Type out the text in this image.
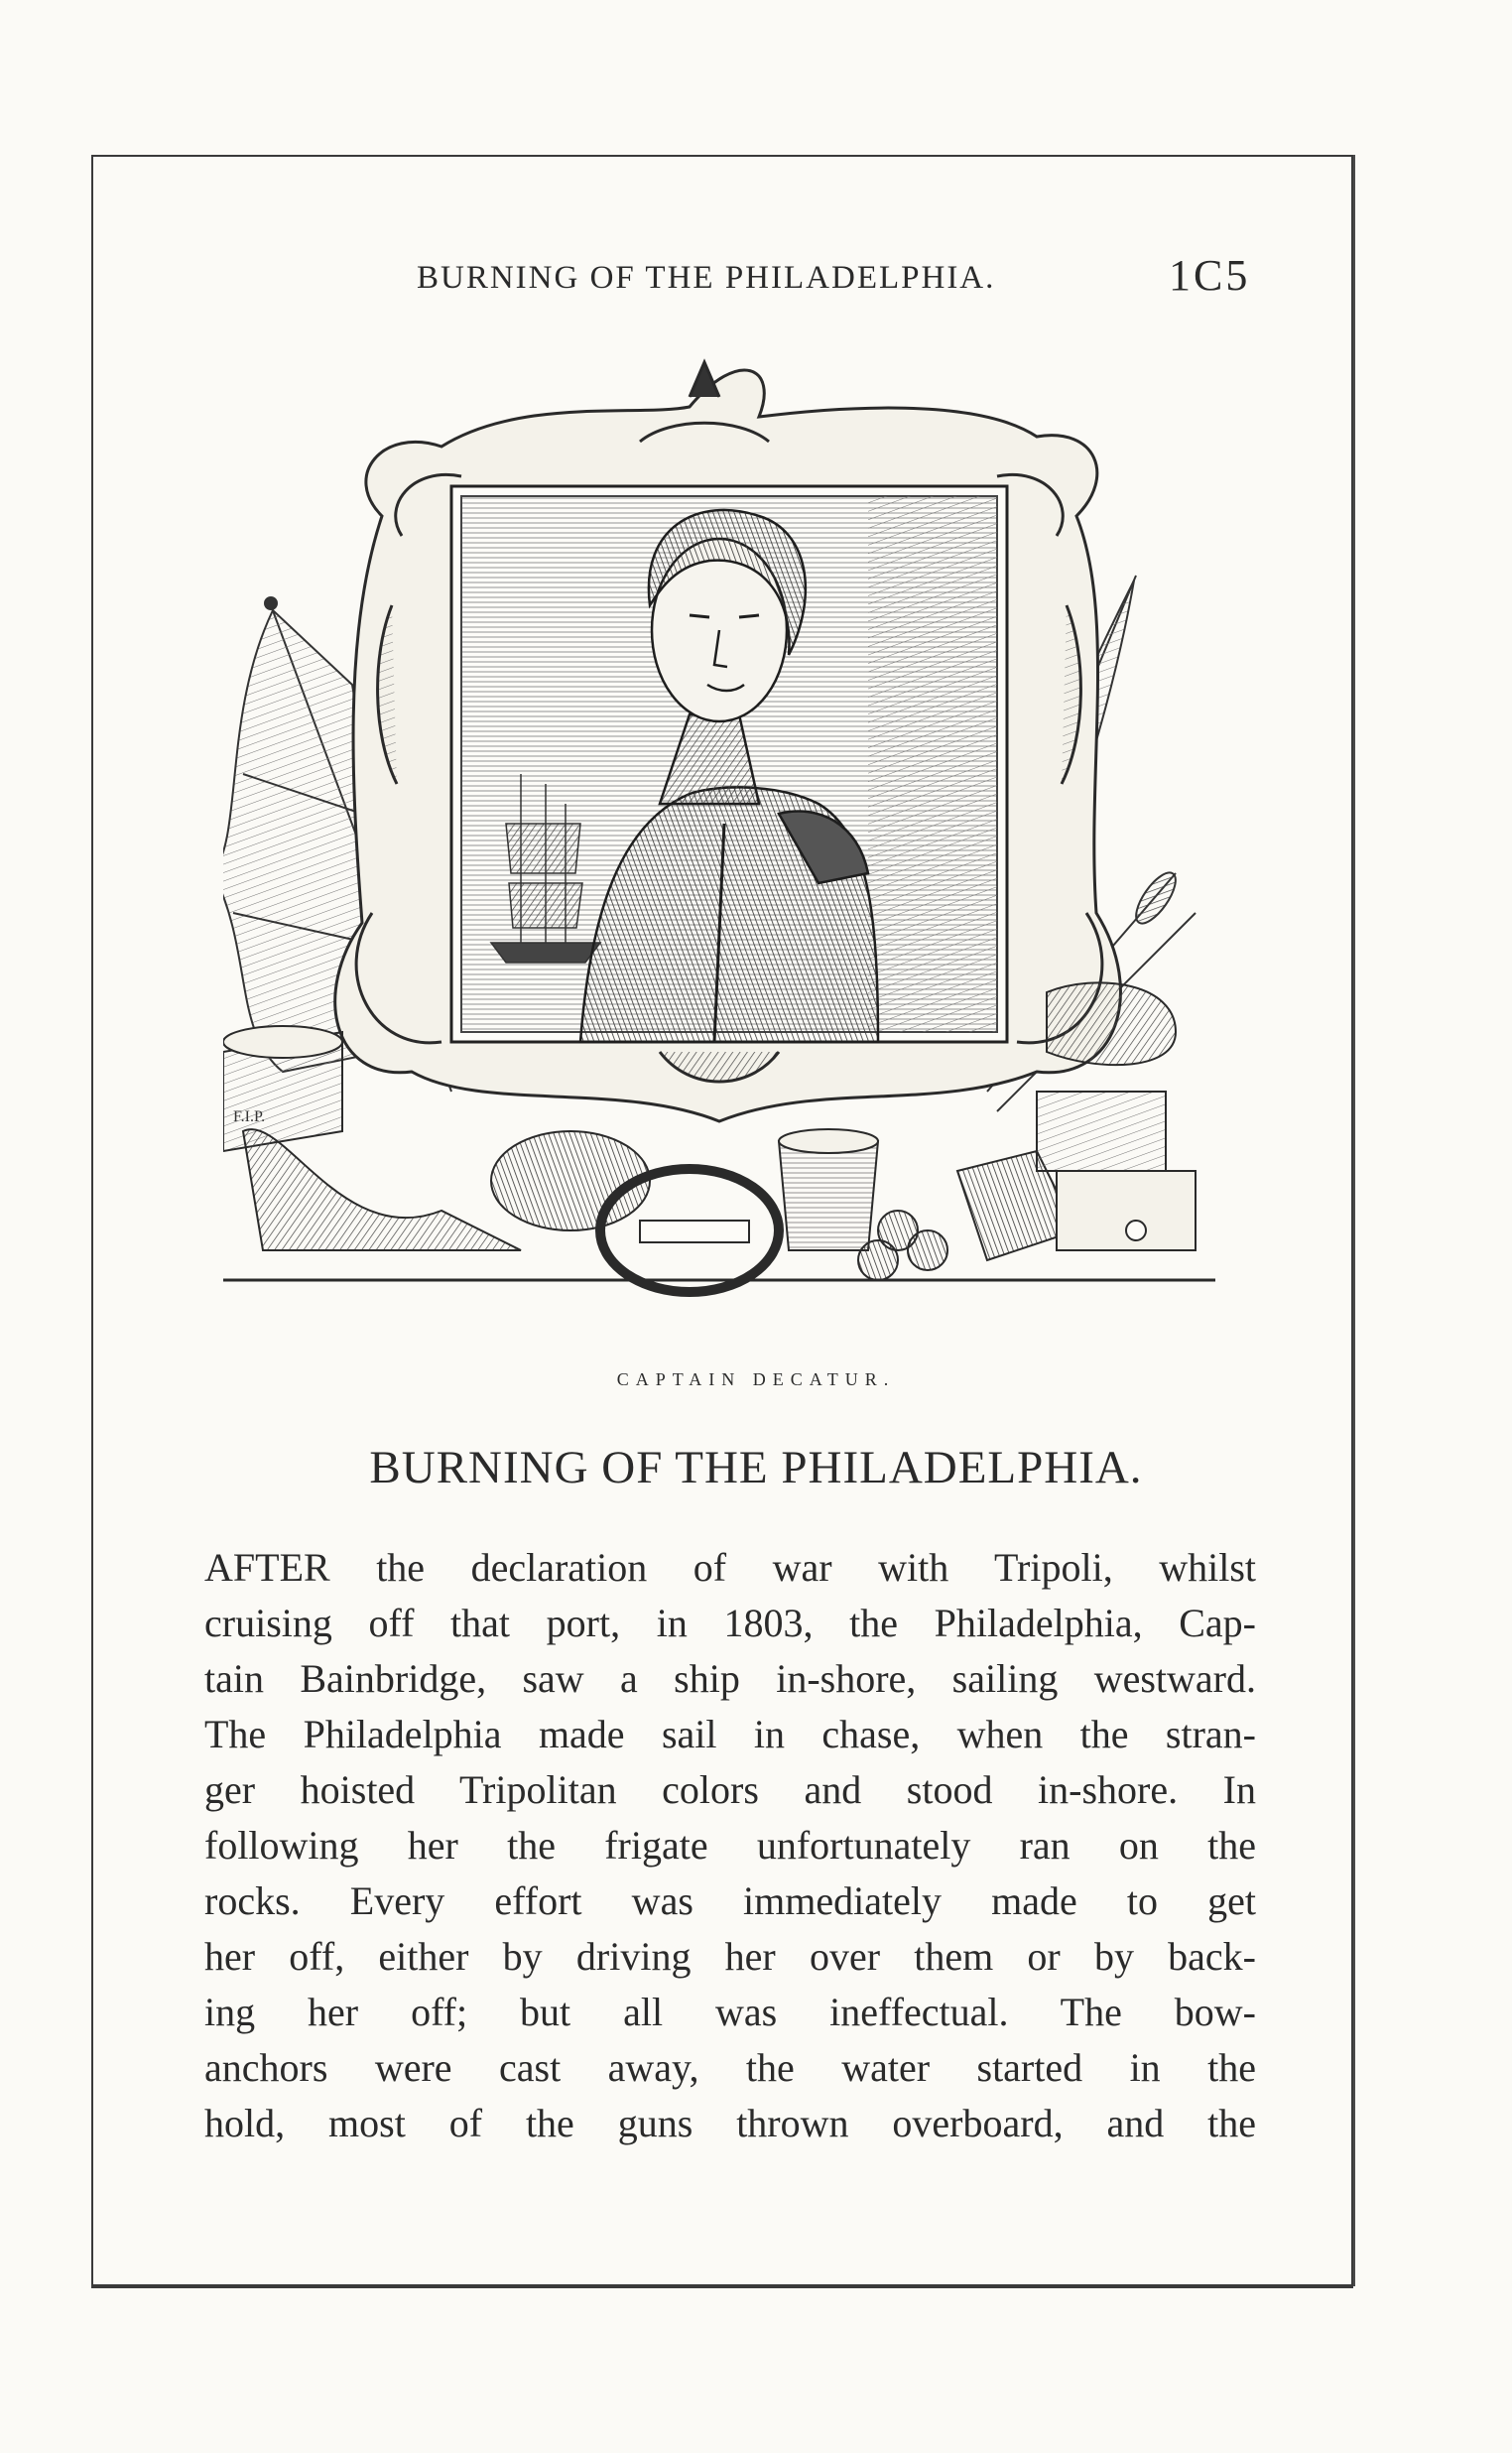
BURNING OF THE PHILADELPHIA.	1C5
F.I.P.
CAPTAIN DECATUR.
BURNING OF THE PHILADELPHIA.
AFTER the declaration of war with Tripoli, whilst
cruising off that port, in 1803, the Philadelphia, Cap-
tain Bainbridge, saw a ship in-shore, sailing westward.
The Philadelphia made sail in chase, when the stran-
ger hoisted Tripolitan colors and stood in-shore. In
following her the frigate unfortunately ran on the
rocks. Every effort was immediately made to get
her off, either by driving her over them or by back-
ing her off; but all was ineffectual. The bow-
anchors were cast away, the water started in the
hold, most of the guns thrown overboard, and the
